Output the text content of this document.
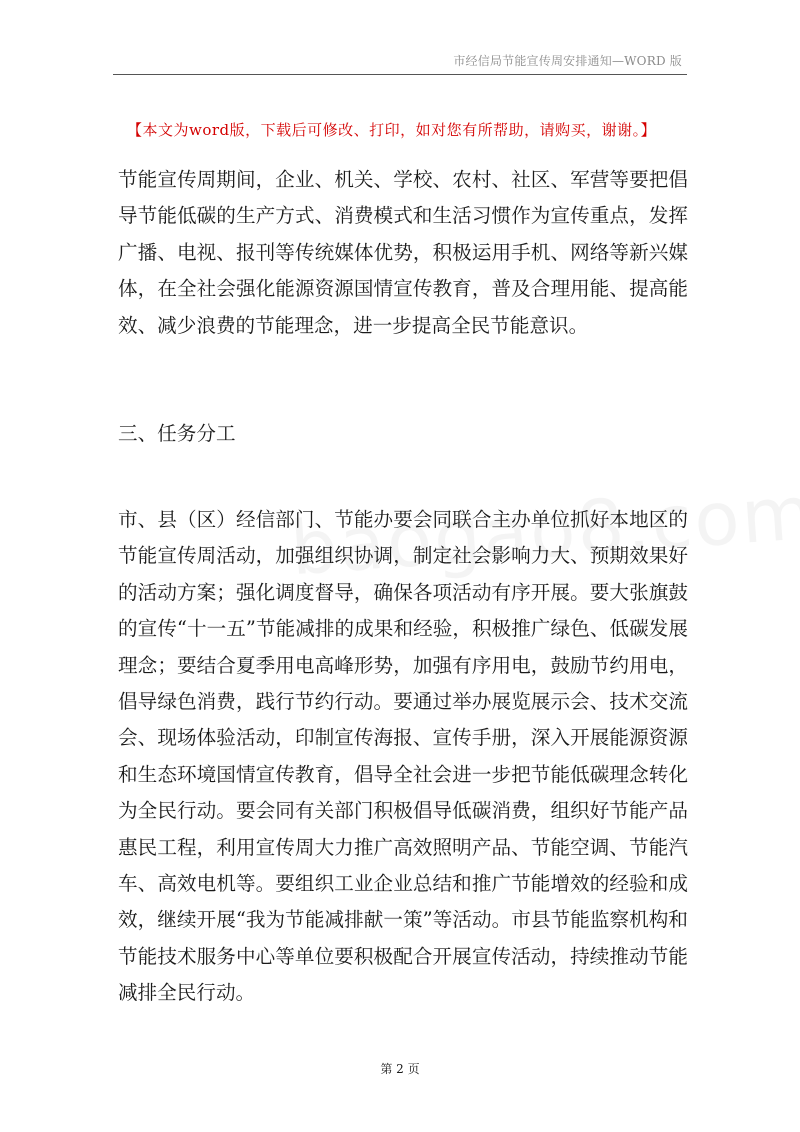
市经信局节能宣传周安排通知—WORD 版
【本文为word版，下载后可修改、打印，如对您有所帮助，请购买，谢谢。】

节能宣传周期间，企业、机关、学校、农村、社区、军营等要把倡导节能低碳的生产方式、消费模式和生活习惯作为宣传重点，发挥广播、电视、报刊等传统媒体优势，积极运用手机、网络等新兴媒体，在全社会强化能源资源国情宣传教育，普及合理用能、提高能效、减少浪费的节能理念，进一步提高全民节能意识。

三、任务分工

市、县（区）经信部门、节能办要会同联合主办单位抓好本地区的节能宣传周活动，加强组织协调，制定社会影响力大、预期效果好的活动方案；强化调度督导，确保各项活动有序开展。要大张旗鼓的宣传“十一五”节能减排的成果和经验，积极推广绿色、低碳发展理念；要结合夏季用电高峰形势，加强有序用电，鼓励节约用电，倡导绿色消费，践行节约行动。要通过举办展览展示会、技术交流会、现场体验活动，印制宣传海报、宣传手册，深入开展能源资源和生态环境国情宣传教育，倡导全社会进一步把节能低碳理念转化为全民行动。要会同有关部门积极倡导低碳消费，组织好节能产品惠民工程，利用宣传周大力推广高效照明产品、节能空调、节能汽车、高效电机等。要组织工业企业总结和推广节能增效的经验和成效，继续开展“我为节能减排献一策”等活动。市县节能监察机构和节能技术服务中心等单位要积极配合开展宣传活动，持续推动节能减排全民行动。

第 2 页
